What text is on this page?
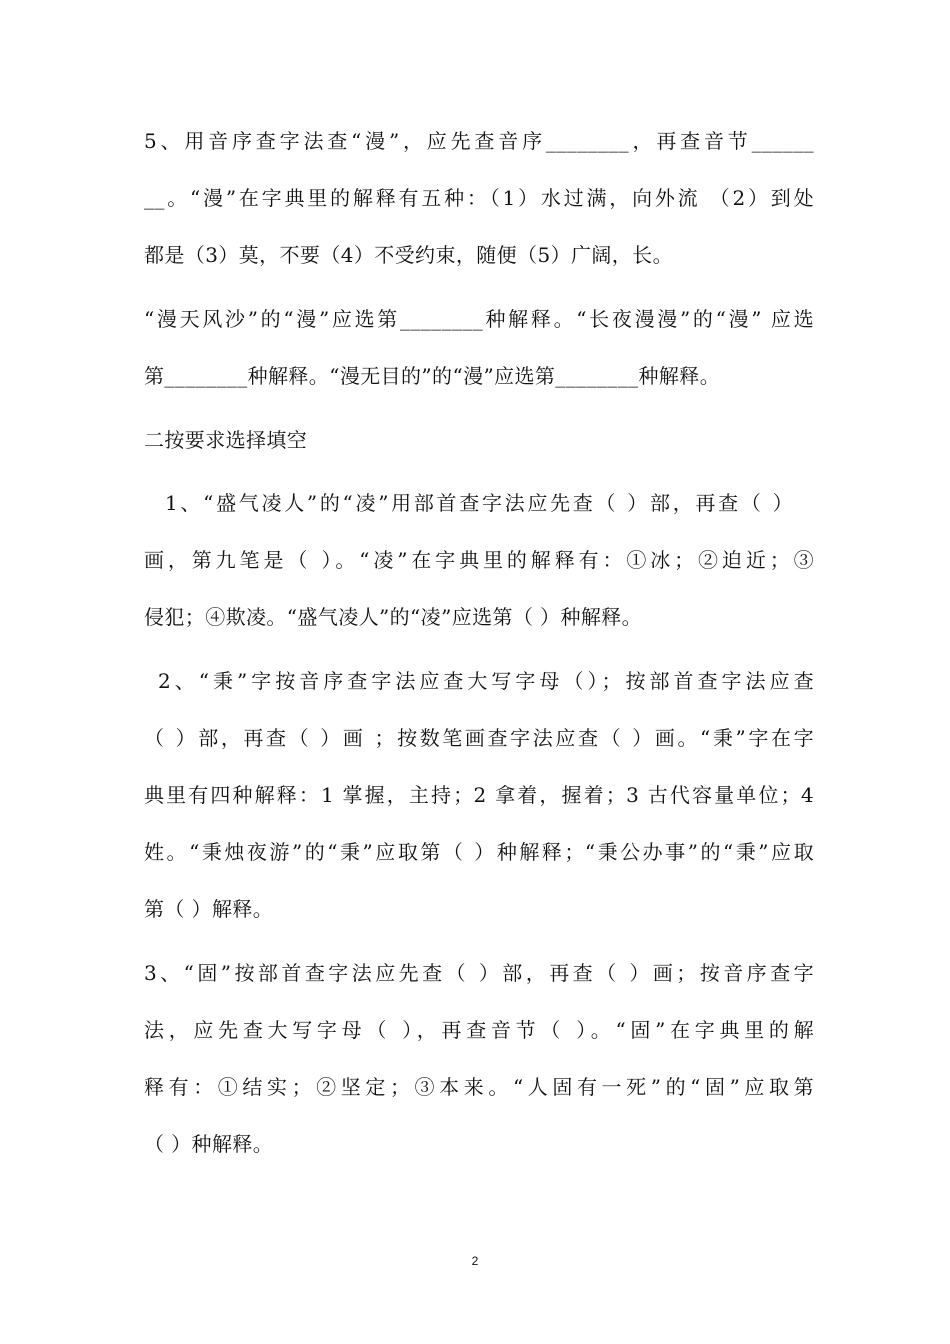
5、用音序查字法查“漫”，应先查音序________，再查音节______
__。“漫”在字典里的解释有五种：（1）水过满，向外流 （2）到处
都是（3）莫，不要（4）不受约束，随便（5）广阔，长。
“漫天风沙”的“漫”应选第________种解释。“长夜漫漫”的“漫” 应选
第________种解释。“漫无目的”的“漫”应选第________种解释。
二按要求选择填空
1、“盛气凌人”的“凌”用部首查字法应先查（ ）部，再查（ ）
画，第九笔是（ ）。“凌”在字典里的解释有：①冰；②迫近；③
侵犯；④欺凌。“盛气凌人”的“凌”应选第（ ）种解释。
2、“秉”字按音序查字法应查大写字母（）；按部首查字法应查
（ ）部，再查（ ）画 ；按数笔画查字法应查（ ）画。“秉”字在字
典里有四种解释：1 掌握，主持；2 拿着，握着；3 古代容量单位；4
姓。“秉烛夜游”的“秉”应取第（ ）种解释；“秉公办事”的“秉”应取
第（ ）解释。
3、“固”按部首查字法应先查（ ）部，再查（ ）画；按音序查字
法，应先查大写字母（ ），再查音节（ ）。“固”在字典里的解
释有：①结实；②坚定；③本来。“人固有一死”的“固”应取第
（ ）种解释。
2
